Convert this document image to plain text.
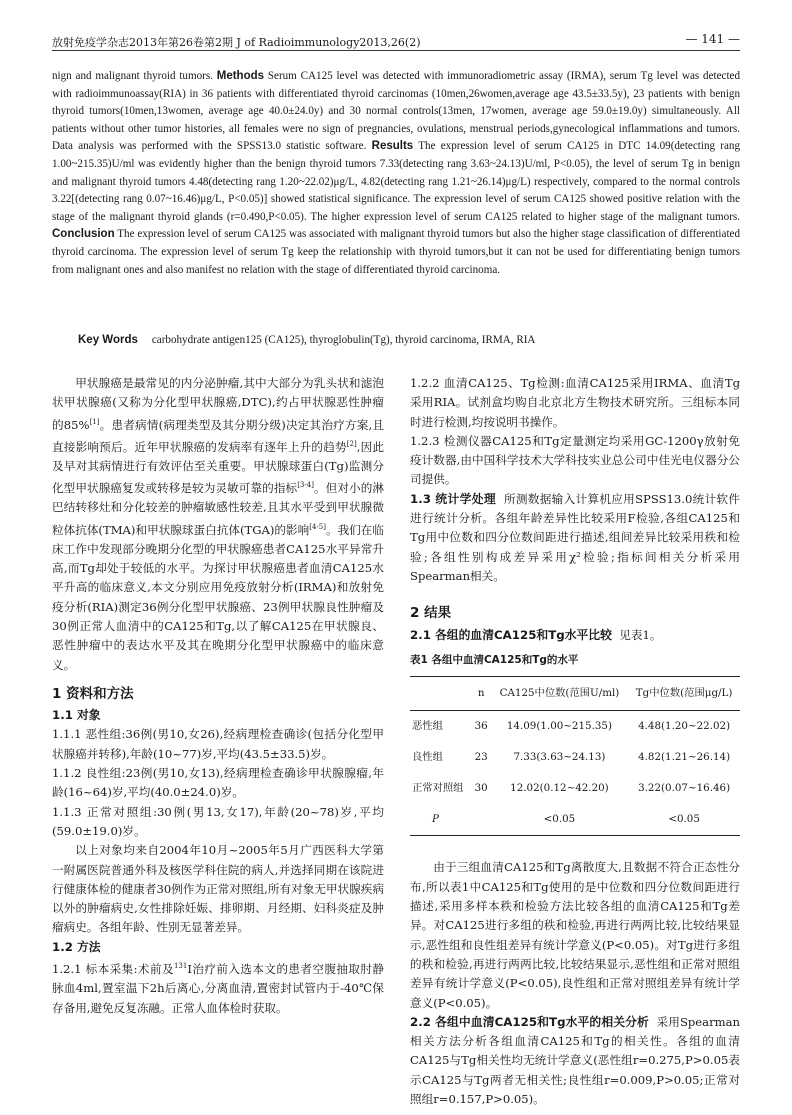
放射免疫学杂志2013年第26卷第2期 J of Radioimmunology2013,26(2)	— 141 —
nign and malignant thyroid tumors. Methods Serum CA125 level was detected with immunoradiometric assay (IRMA), serum Tg level was detected with radioimmunoassay(RIA) in 36 patients with differentiated thyroid carcinomas (10men,26women,average age 43.5±33.5y), 23 patients with benign thyroid tumors(10men,13women, average age 40.0±24.0y) and 30 normal controls(13men, 17women, average age 59.0±19.0y) simultaneously. All patients without other tumor histories, all females were no sign of pregnancies, ovulations, menstrual periods,gynecological inflammations and tumors. Data analysis was performed with the SPSS13.0 statistic software. Results The expression level of serum CA125 in DTC 14.09(detecting rang 1.00~215.35)U/ml was evidently higher than the benign thyroid tumors 7.33(detecting rang 3.63~24.13)U/ml, P<0.05), the level of serum Tg in benign and malignant thyroid tumors 4.48(detecting rang 1.20~22.02)μg/L, 4.82(detecting rang 1.21~26.14)μg/L) respectively, compared to the normal controls 3.22[(detecting rang 0.07~16.46)μg/L, P<0.05)] showed statistical significance. The expression level of serum CA125 showed positive relation with the stage of the malignant thyroid glands (r=0.490,P<0.05). The higher expression level of serum CA125 related to higher stage of the malignant tumors. Conclusion The expression level of serum CA125 was associated with malignant thyroid tumors but also the higher stage classification of differentiated thyroid carcinoma. The expression level of serum Tg keep the relationship with thyroid tumors,but it can not be used for differentiating benign tumors from malignant ones and also manifest no relation with the stage of differentiated thyroid carcinoma.
Key Words carbohydrate antigen125 (CA125), thyroglobulin(Tg), thyroid carcinoma, IRMA, RIA

甲状腺癌是最常见的内分泌肿瘤,其中大部分为乳头状和滤泡状甲状腺癌(又称为分化型甲状腺癌,DTC),约占甲状腺恶性肿瘤的85%[1]。患者病情(病理类型及其分期分级)决定其治疗方案,且直接影响预后。近年甲状腺癌的发病率有逐年上升的趋势[2],因此及早对其病情进行有效评估至关重要。甲状腺球蛋白(Tg)监测分化型甲状腺癌复发或转移是较为灵敏可靠的指标[3-4]。但对小的淋巴结转移灶和分化较差的肿瘤敏感性较差,且其水平受到甲状腺微粒体抗体(TMA)和甲状腺球蛋白抗体(TGA)的影响[4-5]。我们在临床工作中发现部分晚期分化型的甲状腺癌患者CA125水平异常升高,而Tg却处于较低的水平。为探讨甲状腺癌患者血清CA125水平升高的临床意义,本文分别应用免疫放射分析(IRMA)和放射免疫分析(RIA)测定36例分化型甲状腺癌、23例甲状腺良性肿瘤及30例正常人血清中的CA125和Tg,以了解CA125在甲状腺良、恶性肿瘤中的表达水平及其在晚期分化型甲状腺癌中的临床意义。

1 资料和方法
1.1 对象

1.1.1 恶性组:36例(男10,女26),经病理检查确诊(包括分化型甲状腺癌并转移),年龄(10~77)岁,平均(43.5±33.5)岁。

1.1.2 良性组:23例(男10,女13),经病理检查确诊甲状腺腺瘤,年龄(16~64)岁,平均(40.0±24.0)岁。

1.1.3 正常对照组:30例(男13,女17),年龄(20~78)岁,平均(59.0±19.0)岁。

以上对象均来自2004年10月~2005年5月广西医科大学第一附属医院普通外科及核医学科住院的病人,并选择同期在该院进行健康体检的健康者30例作为正常对照组,所有对象无甲状腺疾病以外的肿瘤病史,女性排除妊娠、排卵期、月经期、妇科炎症及肿瘤病史。各组年龄、性别无显著差异。

1.2 方法

1.2.1 标本采集:术前及$^{131}$I治疗前入选本文的患者空腹抽取肘静脉血4ml,置室温下2h后离心,分离血清,置密封试管内于-40℃保存备用,避免反复冻融。正常人血体检时获取。

1.2.2 血清CA125、Tg检测:血清CA125采用IRMA、血清Tg采用RIA。试剂盒均购自北京北方生物技术研究所。三组标本同时进行检测,均按说明书操作。

1.2.3 检测仪器CA125和Tg定量测定均采用GC-1200γ放射免疫计数器,由中国科学技术大学科技实业总公司中佳光电仪器分公司提供。

1.3 统计学处理 所测数据输入计算机应用SPSS13.0统计软件进行统计分析。各组年龄差异性比较采用F检验,各组CA125和Tg用中位数和四分位数间距进行描述,组间差异比较采用秩和检验;各组性别构成差异采用χ²检验;指标间相关分析采用Spearman相关。

2 结果

2.1 各组的血清CA125和Tg水平比较 见表1。

表1 各组中血清CA125和Tg的水平
	n	CA125中位数(范围U/ml)	Tg中位数(范围μg/L)
恶性组	36	14.09(1.00~215.35)	4.48(1.20~22.02)
良性组	23	7.33(3.63~24.13)	4.82(1.21~26.14)
正常对照组	30	12.02(0.12~42.20)	3.22(0.07~16.46)
P		<0.05	<0.05

由于三组血清CA125和Tg离散度大,且数据不符合正态性分布,所以表1中CA125和Tg使用的是中位数和四分位数间距进行描述,采用多样本秩和检验方法比较各组的血清CA125和Tg差异。对CA125进行多组的秩和检验,再进行两两比较,比较结果显示,恶性组和良性组差异有统计学意义(P<0.05)。对Tg进行多组的秩和检验,再进行两两比较,比较结果显示,恶性组和正常对照组差异有统计学意义(P<0.05),良性组和正常对照组差异有统计学意义(P<0.05)。

2.2 各组中血清CA125和Tg水平的相关分析 采用Spearman相关方法分析各组血清CA125和Tg的相关性。各组的血清CA125与Tg相关性均无统计学意义(恶性组r=0.275,P>0.05表示CA125与Tg两者无相关性;良性组r=0.009,P>0.05;正常对照组r=0.157,P>0.05)。
